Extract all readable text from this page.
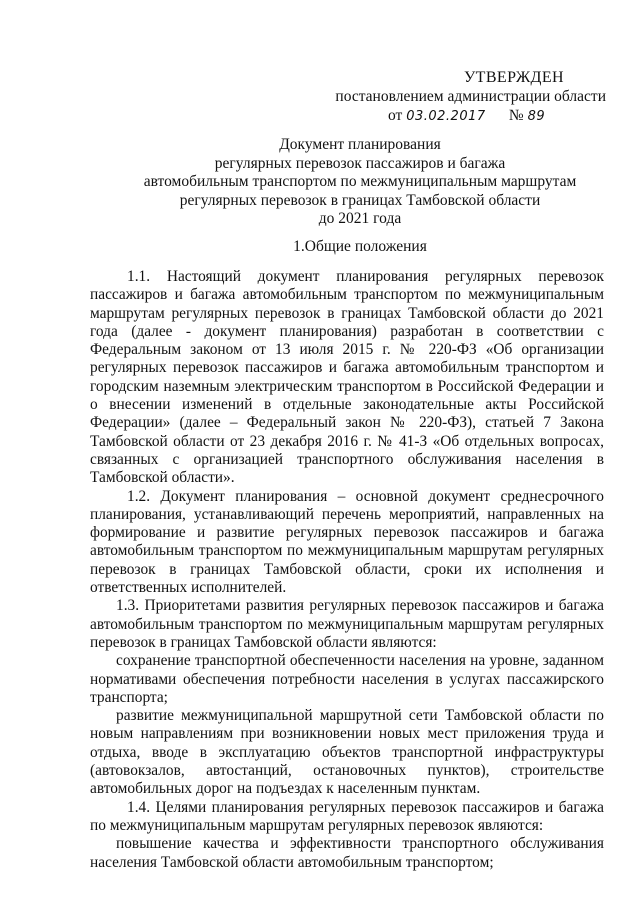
УТВЕРЖДЕН
постановлением администрации области
от 03.02.2017 № 89
Документ планирования
регулярных перевозок пассажиров и багажа
автомобильным транспортом по межмуниципальным маршрутам
регулярных перевозок в границах Тамбовской области
до 2021 года
1.Общие положения

1.1. Настоящий документ планирования регулярных перевозок пассажиров и багажа автомобильным транспортом по межмуниципальным маршрутам регулярных перевозок в границах Тамбовской области до 2021 года (далее - документ планирования) разработан в соответствии с Федеральным законом от 13 июля 2015 г. № 220-ФЗ «Об организации регулярных перевозок пассажиров и багажа автомобильным транспортом и городским наземным электрическим транспортом в Российской Федерации и о внесении изменений в отдельные законодательные акты Российской Федерации» (далее – Федеральный закон № 220-ФЗ), статьей 7 Закона Тамбовской области от 23 декабря 2016 г. № 41-З «Об отдельных вопросах, связанных с организацией транспортного обслуживания населения в Тамбовской области».

1.2. Документ планирования – основной документ среднесрочного планирования, устанавливающий перечень мероприятий, направленных на формирование и развитие регулярных перевозок пассажиров и багажа автомобильным транспортом по межмуниципальным маршрутам регулярных перевозок в границах Тамбовской области, сроки их исполнения и ответственных исполнителей.

1.3. Приоритетами развития регулярных перевозок пассажиров и багажа автомобильным транспортом по межмуниципальным маршрутам регулярных перевозок в границах Тамбовской области являются:

сохранение транспортной обеспеченности населения на уровне, заданном нормативами обеспечения потребности населения в услугах пассажирского транспорта;

развитие межмуниципальной маршрутной сети Тамбовской области по новым направлениям при возникновении новых мест приложения труда и отдыха, вводе в эксплуатацию объектов транспортной инфраструктуры (автовокзалов, автостанций, остановочных пунктов), строительстве автомобильных дорог на подъездах к населенным пунктам.

1.4. Целями планирования регулярных перевозок пассажиров и багажа по межмуниципальным маршрутам регулярных перевозок являются:

повышение качества и эффективности транспортного обслуживания населения Тамбовской области автомобильным транспортом;
